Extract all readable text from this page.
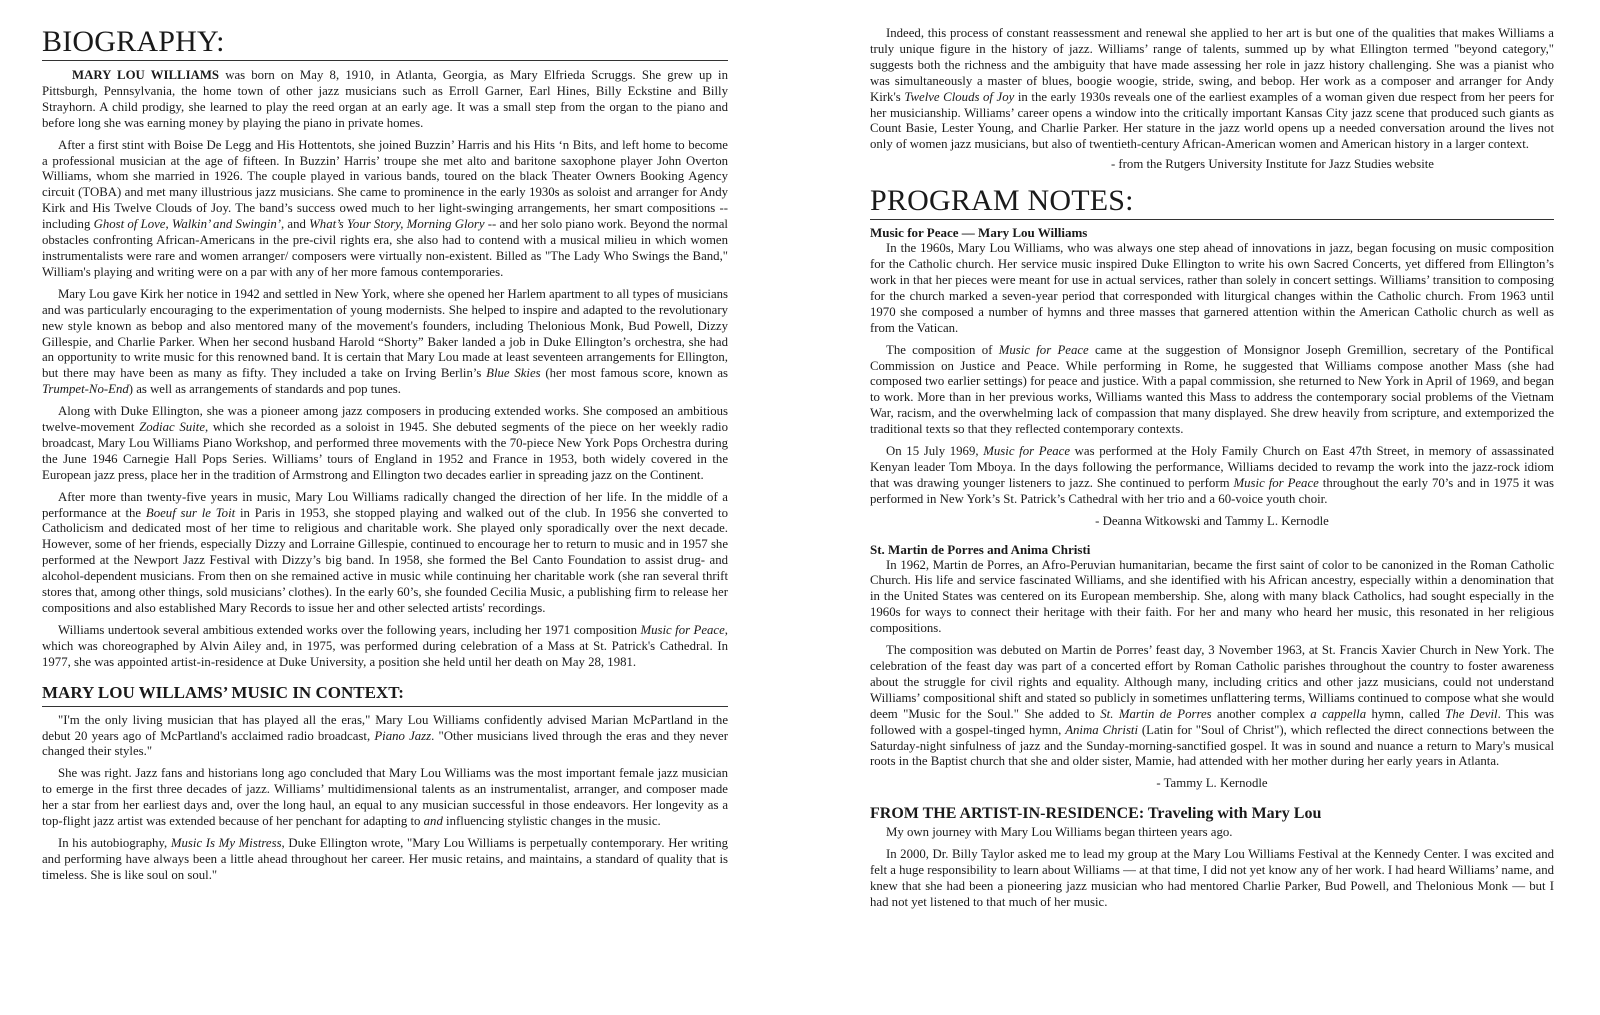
BIOGRAPHY:

MARY LOU WILLIAMS was born on May 8, 1910, in Atlanta, Georgia, as Mary Elfrieda Scruggs. She grew up in Pittsburgh, Pennsylvania, the home town of other jazz musicians such as Erroll Garner, Earl Hines, Billy Eckstine and Billy Strayhorn. A child prodigy, she learned to play the reed organ at an early age. It was a small step from the organ to the piano and before long she was earning money by playing the piano in private homes.

After a first stint with Boise De Legg and His Hottentots, she joined Buzzin’ Harris and his Hits ‘n Bits, and left home to become a professional musician at the age of fifteen. In Buzzin’ Harris’ troupe she met alto and baritone saxophone player John Overton Williams, whom she married in 1926. The couple played in various bands, toured on the black Theater Owners Booking Agency circuit (TOBA) and met many illustrious jazz musicians. She came to prominence in the early 1930s as soloist and arranger for Andy Kirk and His Twelve Clouds of Joy. The band’s success owed much to her light-swinging arrangements, her smart compositions -- including Ghost of Love, Walkin’ and Swingin’, and What’s Your Story, Morning Glory -- and her solo piano work. Beyond the normal obstacles confronting African-Americans in the pre-civil rights era, she also had to contend with a musical milieu in which women instrumentalists were rare and women arranger/ composers were virtually non-existent. Billed as "The Lady Who Swings the Band," William's playing and writing were on a par with any of her more famous contemporaries.

Mary Lou gave Kirk her notice in 1942 and settled in New York, where she opened her Harlem apartment to all types of musicians and was particularly encouraging to the experimentation of young modernists. She helped to inspire and adapted to the revolutionary new style known as bebop and also mentored many of the movement's founders, including Thelonious Monk, Bud Powell, Dizzy Gillespie, and Charlie Parker. When her second husband Harold “Shorty” Baker landed a job in Duke Ellington’s orchestra, she had an opportunity to write music for this renowned band. It is certain that Mary Lou made at least seventeen arrangements for Ellington, but there may have been as many as fifty. They included a take on Irving Berlin’s Blue Skies (her most famous score, known as Trumpet-No-End) as well as arrangements of standards and pop tunes.

Along with Duke Ellington, she was a pioneer among jazz composers in producing extended works. She composed an ambitious twelve-movement Zodiac Suite, which she recorded as a soloist in 1945. She debuted segments of the piece on her weekly radio broadcast, Mary Lou Williams Piano Workshop, and performed three movements with the 70-piece New York Pops Orchestra during the June 1946 Carnegie Hall Pops Series. Williams’ tours of England in 1952 and France in 1953, both widely covered in the European jazz press, place her in the tradition of Armstrong and Ellington two decades earlier in spreading jazz on the Continent.

After more than twenty-five years in music, Mary Lou Williams radically changed the direction of her life. In the middle of a performance at the Boeuf sur le Toit in Paris in 1953, she stopped playing and walked out of the club. In 1956 she converted to Catholicism and dedicated most of her time to religious and charitable work. She played only sporadically over the next decade. However, some of her friends, especially Dizzy and Lorraine Gillespie, continued to encourage her to return to music and in 1957 she performed at the Newport Jazz Festival with Dizzy’s big band. In 1958, she formed the Bel Canto Foundation to assist drug- and alcohol-dependent musicians. From then on she remained active in music while continuing her charitable work (she ran several thrift stores that, among other things, sold musicians’ clothes). In the early 60’s, she founded Cecilia Music, a publishing firm to release her compositions and also established Mary Records to issue her and other selected artists' recordings.

Williams undertook several ambitious extended works over the following years, including her 1971 composition Music for Peace, which was choreographed by Alvin Ailey and, in 1975, was performed during celebration of a Mass at St. Patrick's Cathedral. In 1977, she was appointed artist-in-residence at Duke University, a position she held until her death on May 28, 1981.

MARY LOU WILLAMS’ MUSIC IN CONTEXT:

"I'm the only living musician that has played all the eras," Mary Lou Williams confidently advised Marian McPartland in the debut 20 years ago of McPartland's acclaimed radio broadcast, Piano Jazz. "Other musicians lived through the eras and they never changed their styles."

She was right. Jazz fans and historians long ago concluded that Mary Lou Williams was the most important female jazz musician to emerge in the first three decades of jazz. Williams’ multidimensional talents as an instrumentalist, arranger, and composer made her a star from her earliest days and, over the long haul, an equal to any musician successful in those endeavors. Her longevity as a top-flight jazz artist was extended because of her penchant for adapting to and influencing stylistic changes in the music.

In his autobiography, Music Is My Mistress, Duke Ellington wrote, "Mary Lou Williams is perpetually contemporary. Her writing and performing have always been a little ahead throughout her career. Her music retains, and maintains, a standard of quality that is timeless. She is like soul on soul."

Indeed, this process of constant reassessment and renewal she applied to her art is but one of the qualities that makes Williams a truly unique figure in the history of jazz. Williams’ range of talents, summed up by what Ellington termed "beyond category," suggests both the richness and the ambiguity that have made assessing her role in jazz history challenging. She was a pianist who was simultaneously a master of blues, boogie woogie, stride, swing, and bebop. Her work as a composer and arranger for Andy Kirk's Twelve Clouds of Joy in the early 1930s reveals one of the earliest examples of a woman given due respect from her peers for her musicianship. Williams’ career opens a window into the critically important Kansas City jazz scene that produced such giants as Count Basie, Lester Young, and Charlie Parker. Her stature in the jazz world opens up a needed conversation around the lives not only of women jazz musicians, but also of twentieth-century African-American women and American history in a larger context.

- from the Rutgers University Institute for Jazz Studies website

PROGRAM NOTES:
Music for Peace — Mary Lou Williams

In the 1960s, Mary Lou Williams, who was always one step ahead of innovations in jazz, began focusing on music composition for the Catholic church. Her service music inspired Duke Ellington to write his own Sacred Concerts, yet differed from Ellington’s work in that her pieces were meant for use in actual services, rather than solely in concert settings. Williams’ transition to composing for the church marked a seven-year period that corresponded with liturgical changes within the Catholic church. From 1963 until 1970 she composed a number of hymns and three masses that garnered attention within the American Catholic church as well as from the Vatican.

The composition of Music for Peace came at the suggestion of Monsignor Joseph Gremillion, secretary of the Pontifical Commission on Justice and Peace. While performing in Rome, he suggested that Williams compose another Mass (she had composed two earlier settings) for peace and justice. With a papal commission, she returned to New York in April of 1969, and began to work. More than in her previous works, Williams wanted this Mass to address the contemporary social problems of the Vietnam War, racism, and the overwhelming lack of compassion that many displayed. She drew heavily from scripture, and extemporized the traditional texts so that they reflected contemporary contexts.

On 15 July 1969, Music for Peace was performed at the Holy Family Church on East 47th Street, in memory of assassinated Kenyan leader Tom Mboya. In the days following the performance, Williams decided to revamp the work into the jazz-rock idiom that was drawing younger listeners to jazz. She continued to perform Music for Peace throughout the early 70’s and in 1975 it was performed in New York’s St. Patrick’s Cathedral with her trio and a 60-voice youth choir.

- Deanna Witkowski and Tammy L. Kernodle

St. Martin de Porres and Anima Christi

In 1962, Martin de Porres, an Afro-Peruvian humanitarian, became the first saint of color to be canonized in the Roman Catholic Church. His life and service fascinated Williams, and she identified with his African ancestry, especially within a denomination that in the United States was centered on its European membership. She, along with many black Catholics, had sought especially in the 1960s for ways to connect their heritage with their faith. For her and many who heard her music, this resonated in her religious compositions.

The composition was debuted on Martin de Porres’ feast day, 3 November 1963, at St. Francis Xavier Church in New York. The celebration of the feast day was part of a concerted effort by Roman Catholic parishes throughout the country to foster awareness about the struggle for civil rights and equality. Although many, including critics and other jazz musicians, could not understand Williams’ compositional shift and stated so publicly in sometimes unflattering terms, Williams continued to compose what she would deem "Music for the Soul." She added to St. Martin de Porres another complex a cappella hymn, called The Devil. This was followed with a gospel-tinged hymn, Anima Christi (Latin for "Soul of Christ"), which reflected the direct connections between the Saturday-night sinfulness of jazz and the Sunday-morning-sanctified gospel. It was in sound and nuance a return to Mary's musical roots in the Baptist church that she and older sister, Mamie, had attended with her mother during her early years in Atlanta.

- Tammy L. Kernodle

FROM THE ARTIST-IN-RESIDENCE: Traveling with Mary Lou

My own journey with Mary Lou Williams began thirteen years ago.

In 2000, Dr. Billy Taylor asked me to lead my group at the Mary Lou Williams Festival at the Kennedy Center. I was excited and felt a huge responsibility to learn about Williams — at that time, I did not yet know any of her work. I had heard Williams’ name, and knew that she had been a pioneering jazz musician who had mentored Charlie Parker, Bud Powell, and Thelonious Monk — but I had not yet listened to that much of her music.
